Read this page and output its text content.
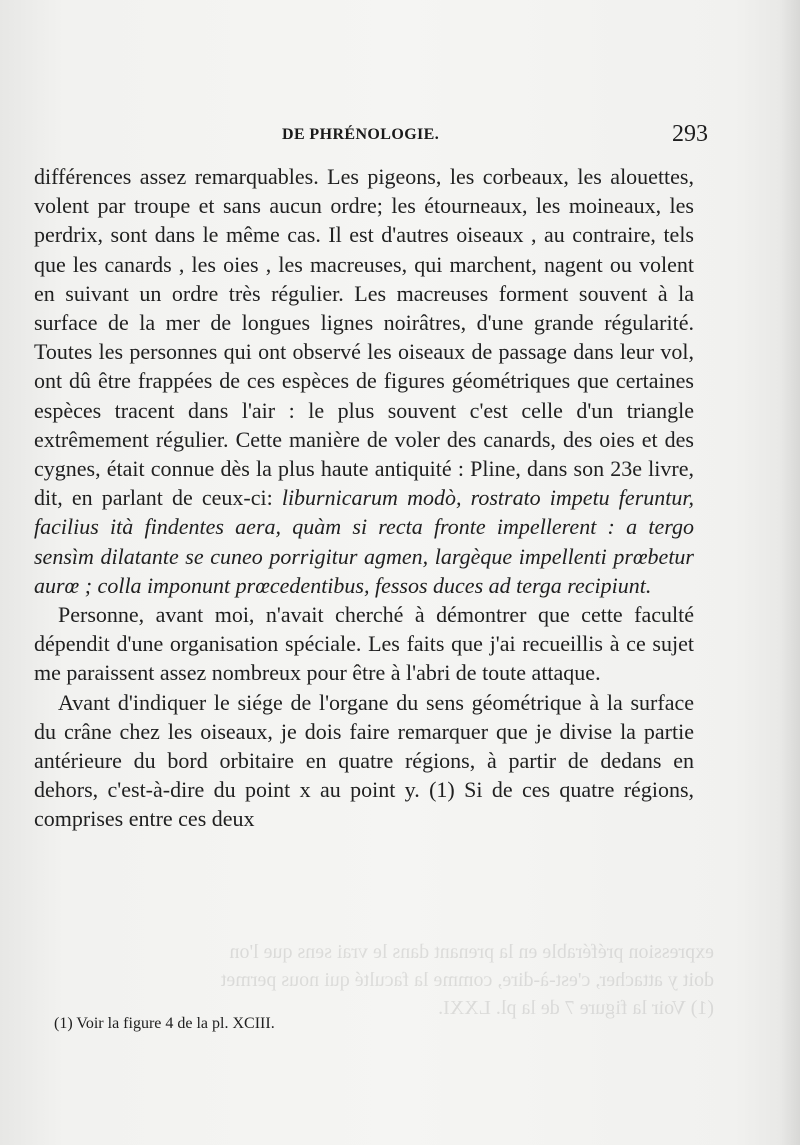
DE PHRÉNOLOGIE.	293

différences assez remarquables. Les pigeons, les corbeaux, les alouettes, volent par troupe et sans aucun ordre; les étourneaux, les moineaux, les perdrix, sont dans le même cas. Il est d'autres oiseaux , au contraire, tels que les canards , les oies , les macreuses, qui marchent, nagent ou volent en suivant un ordre très régulier. Les macreuses forment souvent à la surface de la mer de longues lignes noirâtres, d'une grande régularité. Toutes les personnes qui ont observé les oiseaux de passage dans leur vol, ont dû être frappées de ces espèces de figures géométriques que certaines espèces tracent dans l'air : le plus souvent c'est celle d'un triangle extrêmement régulier. Cette manière de voler des canards, des oies et des cygnes, était connue dès la plus haute antiquité : Pline, dans son 23e livre, dit, en parlant de ceux-ci: liburnicarum modò, rostrato impetu feruntur, facilius ità findentes aera, quàm si recta fronte impellerent : a tergo sensìm dilatante se cuneo porrigitur agmen, largèque impellenti prœbetur aurœ ; colla imponunt prœcedentibus, fessos duces ad terga recipiunt.

Personne, avant moi, n'avait cherché à démontrer que cette faculté dépendit d'une organisation spéciale. Les faits que j'ai recueillis à ce sujet me paraissent assez nombreux pour être à l'abri de toute attaque.

Avant d'indiquer le siége de l'organe du sens géométrique à la surface du crâne chez les oiseaux, je dois faire remarquer que je divise la partie antérieure du bord orbitaire en quatre régions, à partir de dedans en dehors, c'est-à-dire du point x au point y. (1) Si de ces quatre régions, comprises entre ces deux

expression préférable en la prenant dans le vrai sens que l'on

doit y attacher, c'est-à-dire, comme la faculté qui nous permet

(1) Voir la figure 7 de la pl. LXXI.

(1) Voir la figure 4 de la pl. XCIII.
